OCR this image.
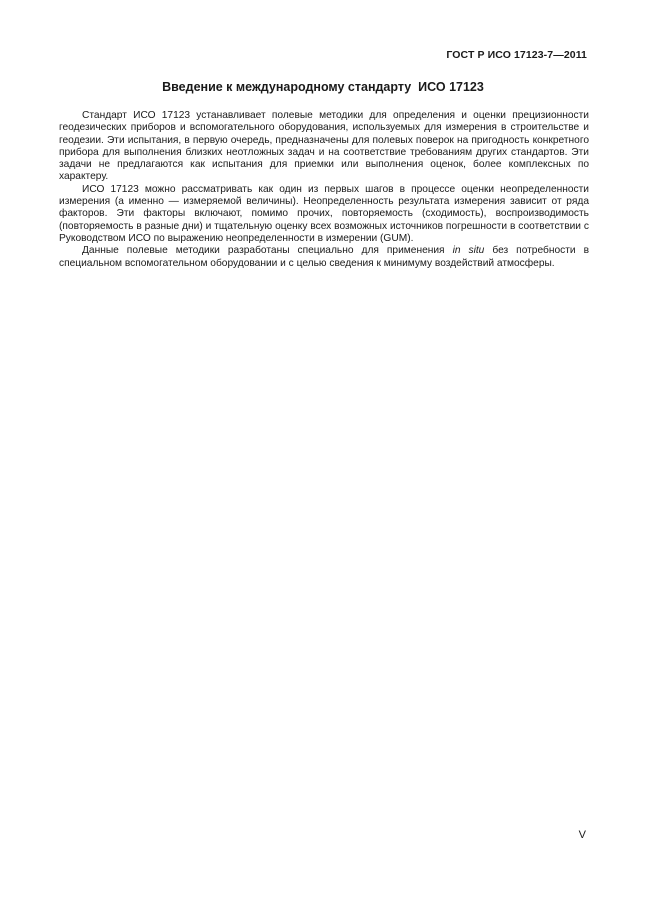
ГОСТ Р ИСО 17123-7—2011
Введение к международному стандарту  ИСО 17123

Стандарт ИСО 17123 устанавливает полевые методики для определения и оценки прецизионности геодезических приборов и вспомогательного оборудования, используемых для измерения в строительстве и геодезии. Эти испытания, в первую очередь, предназначены для полевых поверок на пригодность конкретного прибора для выполнения близких неотложных задач и на соответствие требованиям других стандартов. Эти задачи не предлагаются как испытания для приемки или выполнения оценок, более комплексных по характеру.

ИСО 17123 можно рассматривать как один из первых шагов в процессе оценки неопределенности измерения (а именно — измеряемой величины). Неопределенность результата измерения зависит от ряда факторов. Эти факторы включают, помимо прочих, повторяемость (сходимость), воспроизводимость (повторяемость в разные дни) и тщательную оценку всех возможных источников погрешности в соответствии с Руководством ИСО по выражению неопределенности в измерении (GUM).

Данные полевые методики разработаны специально для применения in situ без потребности в специальном вспомогательном оборудовании и с целью сведения к минимуму воздействий атмосферы.

V
